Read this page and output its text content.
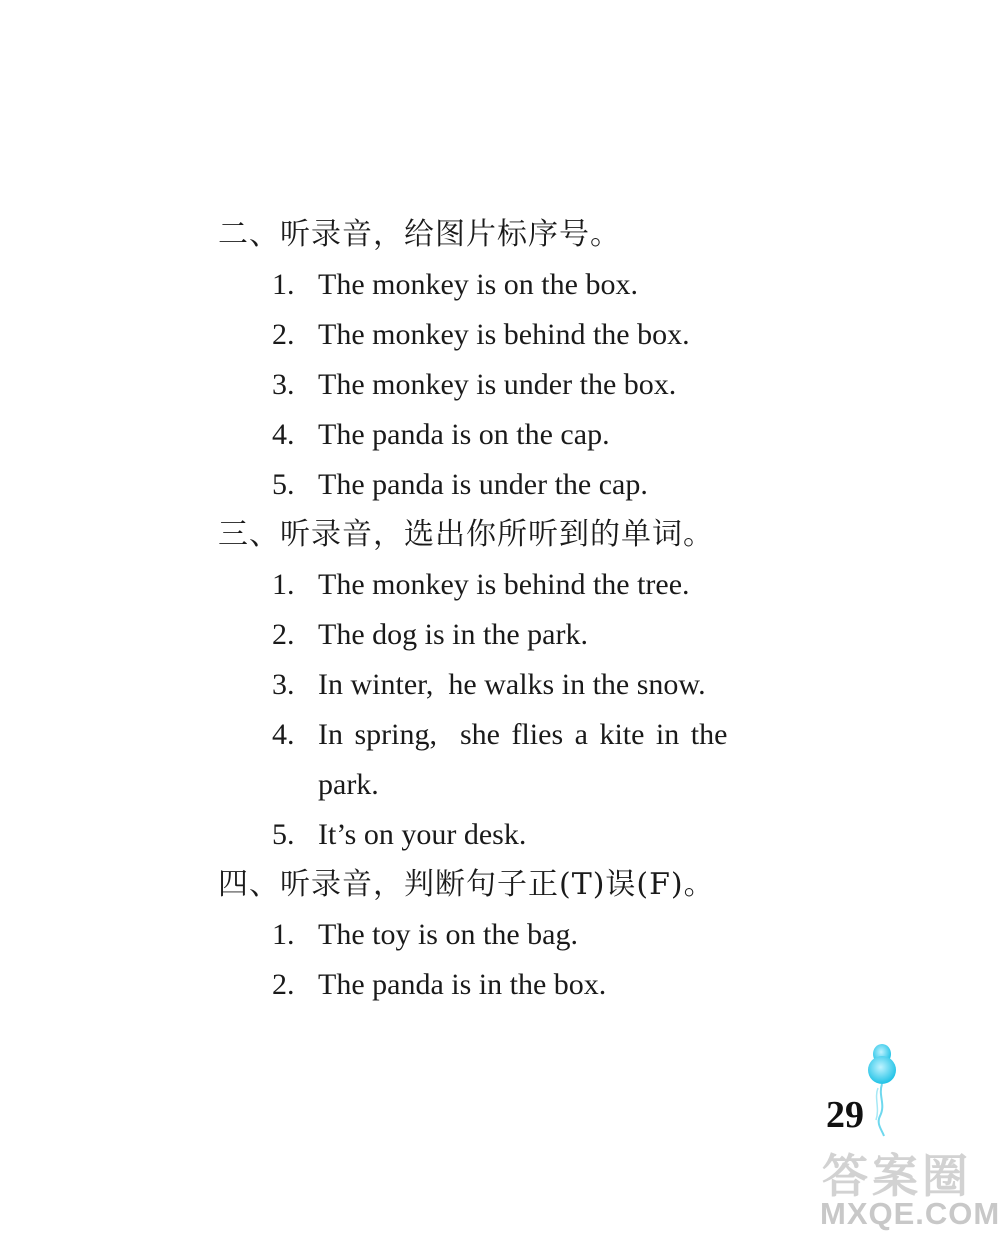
二、听录音，给图片标序号。
1. The monkey is on the box.
2. The monkey is behind the box.
3. The monkey is under the box.
4. The panda is on the cap.
5. The panda is under the cap.
三、听录音，选出你所听到的单词。
1. The monkey is behind the tree.
2. The dog is in the park.
3. In winter,  he walks in the snow.
4. In spring,  she flies a kite in the
park.
5. It’s on your desk.
四、听录音，判断句子正(T)误(F)。
1. The toy is on the bag.
2. The panda is in the box.
29
答案圈
MXQE.COM
